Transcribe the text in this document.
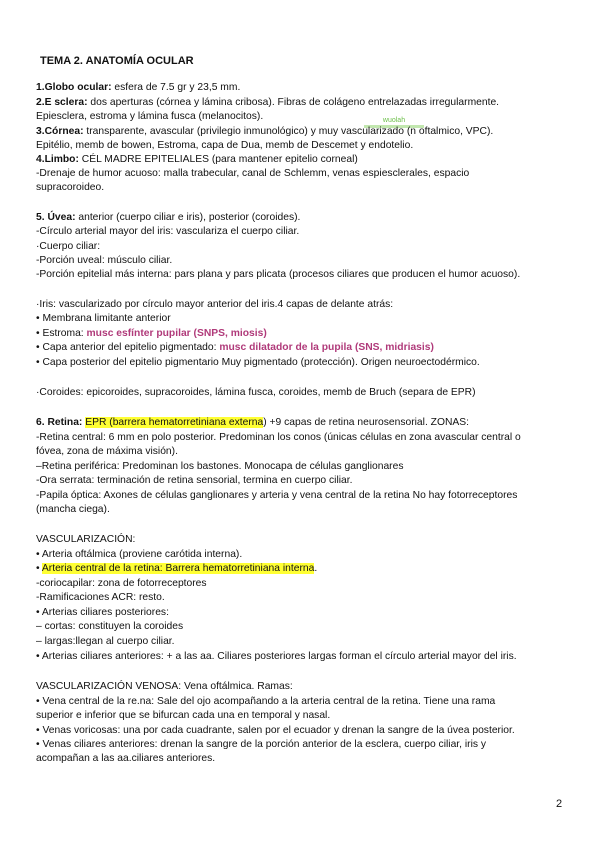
TEMA 2. ANATOMÍA OCULAR
1.Globo ocular: esfera de 7.5 gr y 23,5 mm.
2.E sclera: dos aperturas (córnea y lámina cribosa). Fibras de colágeno entrelazadas irregularmente.
Epiesclera, estroma y lámina fusca (melanocitos).	wuolah
3.Córnea: transparente, avascular (privilegio inmunológico) y muy vascularizado (n oftalmico, VPC).
Epitélio, memb de bowen, Estroma, capa de Dua, memb de Descemet y endotelio.
4.Limbo: CÉL MADRE EPITELIALES (para mantener epitelio corneal)
-Drenaje de humor acuoso: malla trabecular, canal de Schlemm, venas espiesclerales, espacio
supracoroideo.
5. Úvea: anterior (cuerpo ciliar e iris), posterior (coroides).
-Círculo arterial mayor del iris: vasculariza el cuerpo ciliar.
·Cuerpo ciliar:
-Porción uveal: músculo ciliar.
-Porción epitelial más interna: pars plana y pars plicata (procesos ciliares que producen el humor acuoso).
·Iris: vascularizado por círculo mayor anterior del iris.4 capas de delante atrás:
• Membrana limitante anterior
• Estroma: musc esfínter pupilar (SNPS, miosis)
• Capa anterior del epitelio pigmentado: musc dilatador de la pupila (SNS, midriasis)
• Capa posterior del epitelio pigmentario Muy pigmentado (protección). Origen neuroectodérmico.
·Coroides: epicoroides, supracoroides, lámina fusca, coroides, memb de Bruch (separa de EPR)
6. Retina: EPR (barrera hematorretiniana externa) +9 capas de retina neurosensorial. ZONAS:
-Retina central: 6 mm en polo posterior. Predominan los conos (únicas células en zona avascular central o
fóvea, zona de máxima visión).
–Retina periférica: Predominan los bastones. Monocapa de células ganglionares
-Ora serrata: terminación de retina sensorial, termina en cuerpo ciliar.
-Papila óptica: Axones de células ganglionares y arteria y vena central de la retina No hay fotorreceptores
(mancha ciega).
VASCULARIZACIÓN:
• Arteria oftálmica (proviene carótida interna).
• Arteria central de la retina: Barrera hematorretiniana interna.
-coriocapilar: zona de fotorreceptores
-Ramificaciones ACR: resto.
• Arterias ciliares posteriores:
– cortas: constituyen la coroides
– largas:llegan al cuerpo ciliar.
• Arterias ciliares anteriores: + a las aa. Ciliares posteriores largas forman el círculo arterial mayor del iris.
VASCULARIZACIÓN VENOSA: Vena oftálmica. Ramas:
• Vena central de la re.na: Sale del ojo acompañando a la arteria central de la retina. Tiene una rama
superior e inferior que se bifurcan cada una en temporal y nasal.
• Venas voricosas: una por cada cuadrante, salen por el ecuador y drenan la sangre de la úvea posterior.
• Venas ciliares anteriores: drenan la sangre de la porción anterior de la esclera, cuerpo ciliar, iris y
acompañan a las aa.ciliares anteriores.
2
